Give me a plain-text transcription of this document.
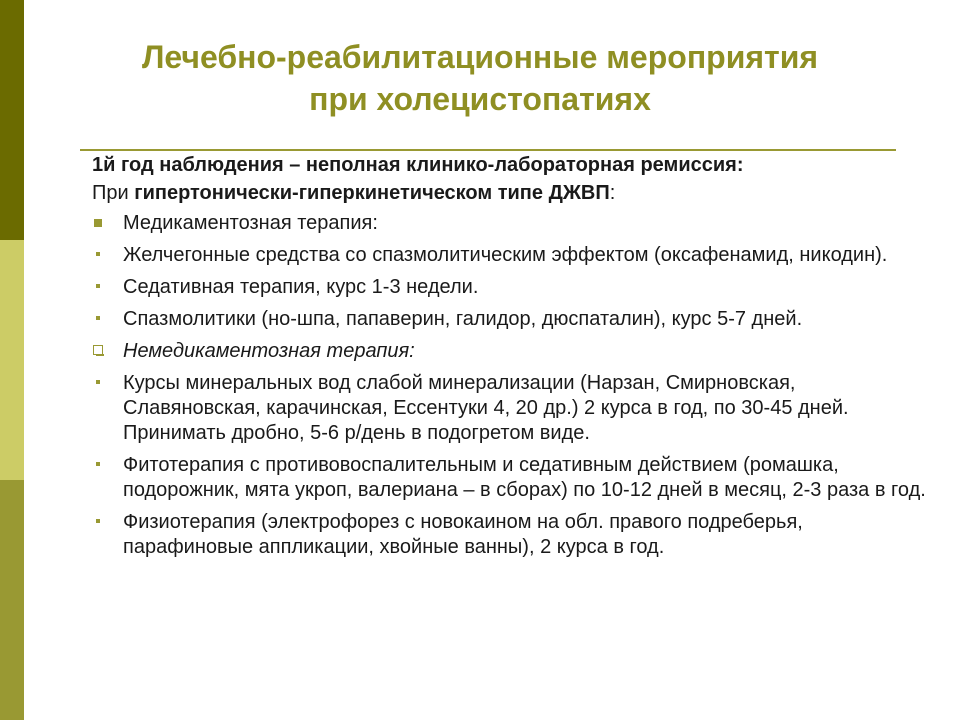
Лечебно-реабилитационные мероприятия
при холецистопатиях
1й год наблюдения – неполная клинико-лабораторная ремиссия:
При гипертонически-гиперкинетическом типе ДЖВП:
Медикаментозная терапия:
Желчегонные средства со спазмолитическим эффектом (оксафенамид, никодин).
Седативная терапия, курс 1-3 недели.
Спазмолитики (но-шпа, папаверин, галидор, дюспаталин), курс 5-7 дней.
Немедикаментозная терапия:
Курсы минеральных вод слабой минерализации (Нарзан, Смирновская, Славяновская, карачинская, Ессентуки 4, 20 др.) 2 курса в год, по 30-45 дней. Принимать дробно, 5-6 р/день в подогретом виде.
Фитотерапия с противовоспалительным и седативным действием (ромашка, подорожник, мята укроп, валериана – в сборах) по 10-12 дней в месяц, 2-3 раза в год.
Физиотерапия (электрофорез с новокаином на обл. правого подреберья, парафиновые аппликации, хвойные ванны), 2 курса в год.
